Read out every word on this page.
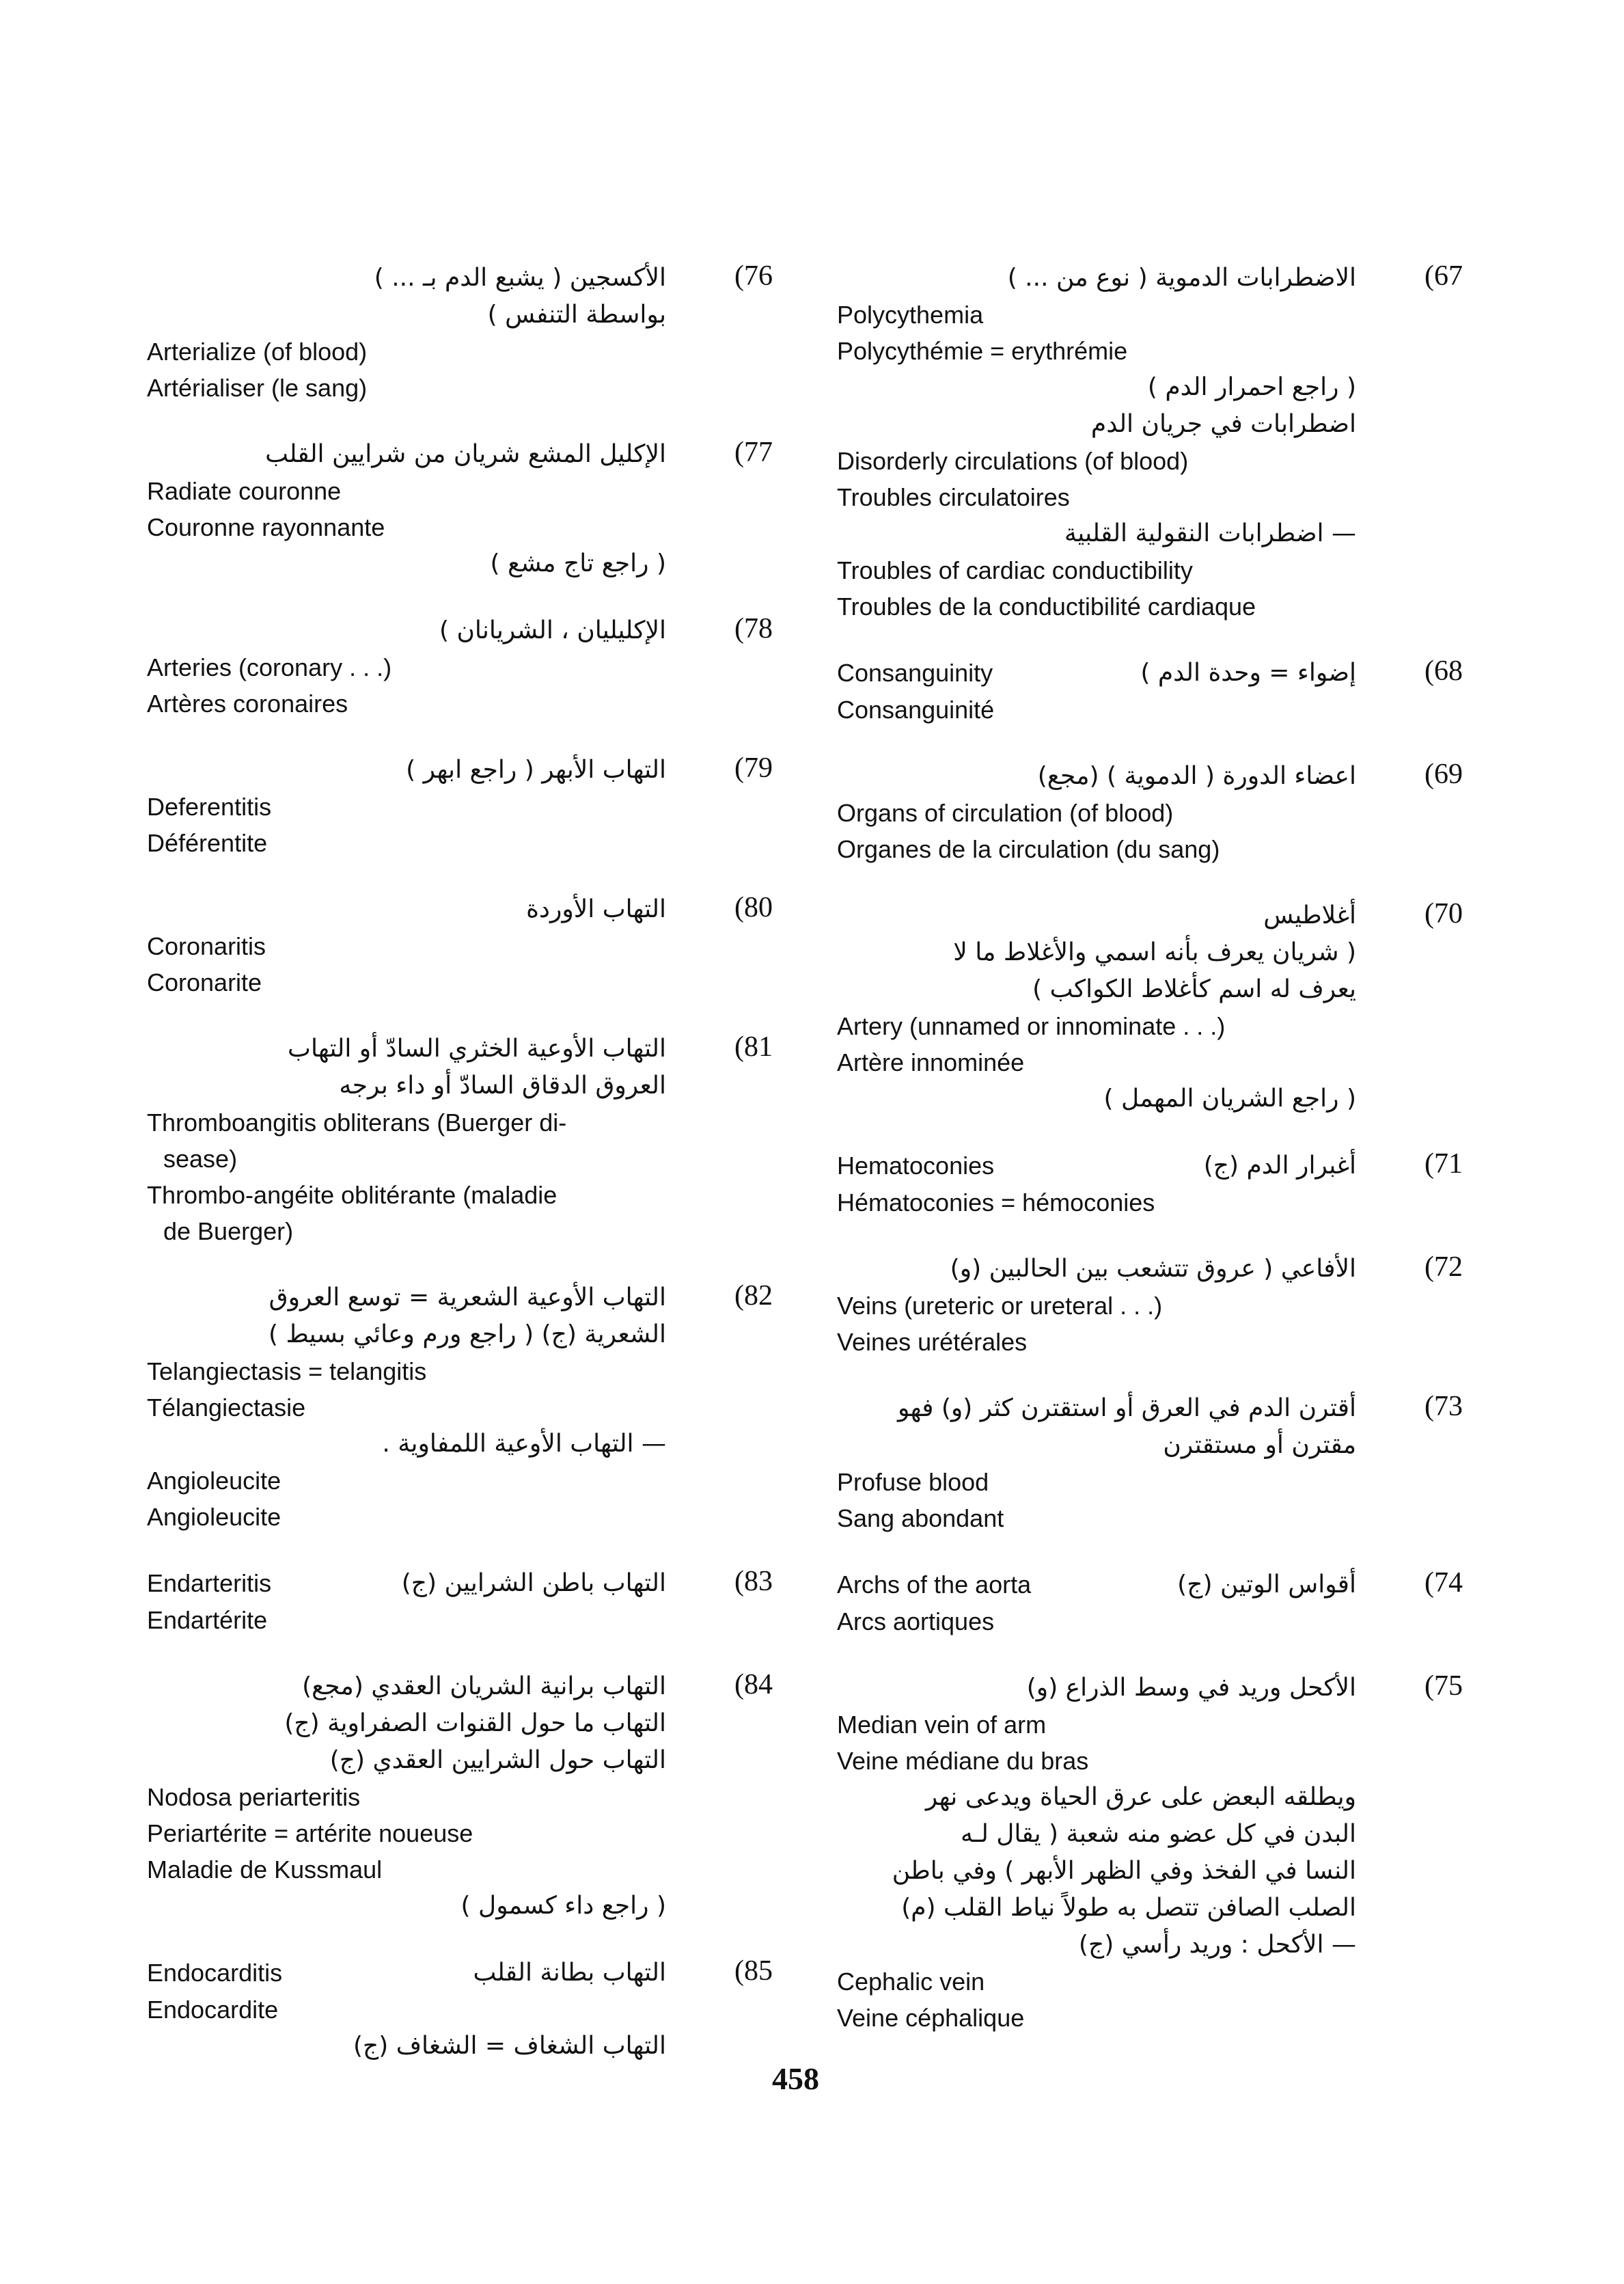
(76
الأكسجين ( يشبع الدم بـ ... )
بواسطة التنفس )
Arterialize (of blood)
Artérialiser (le sang)
(77
الإكليل المشع شريان من شرايين القلب
Radiate couronne
Couronne rayonnante
( راجع تاج مشع )
(78
الإكليليان ، الشريانان )
Arteries (coronary . . .)
Artères coronaires
(79
التهاب الأبهر ( راجع ابهر )
Deferentitis
Déférentite
(80
التهاب الأوردة
Coronaritis
Coronarite
(81
التهاب الأوعية الخثري السادّ أو التهاب
العروق الدقاق السادّ أو داء برجه
Thromboangitis obliterans (Buerger di-
sease)
Thrombo-angéite oblitérante (maladie
de Buerger)
(82
التهاب الأوعية الشعرية = توسع العروق
الشعرية (ج) ( راجع ورم وعائي بسيط )
Telangiectasis = telangitis
Télangiectasie
— التهاب الأوعية اللمفاوية .
Angioleucite
Angioleucite
(83
Endarteritis	التهاب باطن الشرايين (ج)
Endartérite
(84
التهاب برانية الشريان العقدي (مجع)
التهاب ما حول القنوات الصفراوية (ج)
التهاب حول الشرايين العقدي (ج)
Nodosa periarteritis
Periartérite = artérite noueuse
Maladie de Kussmaul
( راجع داء كسمول )
(85
Endocarditis	التهاب بطانة القلب
Endocardite
التهاب الشغاف = الشغاف (ج)
(67
الاضطرابات الدموية ( نوع من ... )
Polycythemia
Polycythémie = erythrémie
( راجع احمرار الدم )
اضطرابات في جريان الدم
Disorderly circulations (of blood)
Troubles circulatoires
— اضطرابات النقولية القلبية
Troubles of cardiac conductibility
Troubles de la conductibilité cardiaque
(68
Consanguinity	إضواء = وحدة الدم )
Consanguinité
(69
اعضاء الدورة ( الدموية ) (مجع)
Organs of circulation (of blood)
Organes de la circulation (du sang)
(70
أغلاطيس
( شريان يعرف بأنه اسمي والأغلاط ما لا
يعرف له اسم كأغلاط الكواكب )
Artery (unnamed or innominate . . .)
Artère innominée
( راجع الشريان المهمل )
(71
Hematoconies	أغبرار الدم (ج)
Hématoconies = hémoconies
(72
الأفاعي ( عروق تتشعب بين الحالبين (و)
Veins (ureteric or ureteral . . .)
Veines urétérales
(73
أقترن الدم في العرق أو استقترن كثر (و) فهو
مقترن أو مستقترن
Profuse blood
Sang abondant
(74
Archs of the aorta	أقواس الوتين (ج)
Arcs aortiques
(75
الأكحل وريد في وسط الذراع (و)
Median vein of arm
Veine médiane du bras
ويطلقه البعض على عرق الحياة ويدعى نهر
البدن في كل عضو منه شعبة ( يقال لـه
النسا في الفخذ وفي الظهر الأبهر ) وفي باطن
الصلب الصافن تتصل به طولاً نياط القلب (م)
— الأكحل : وريد رأسي (ج)
Cephalic vein
Veine céphalique
458
